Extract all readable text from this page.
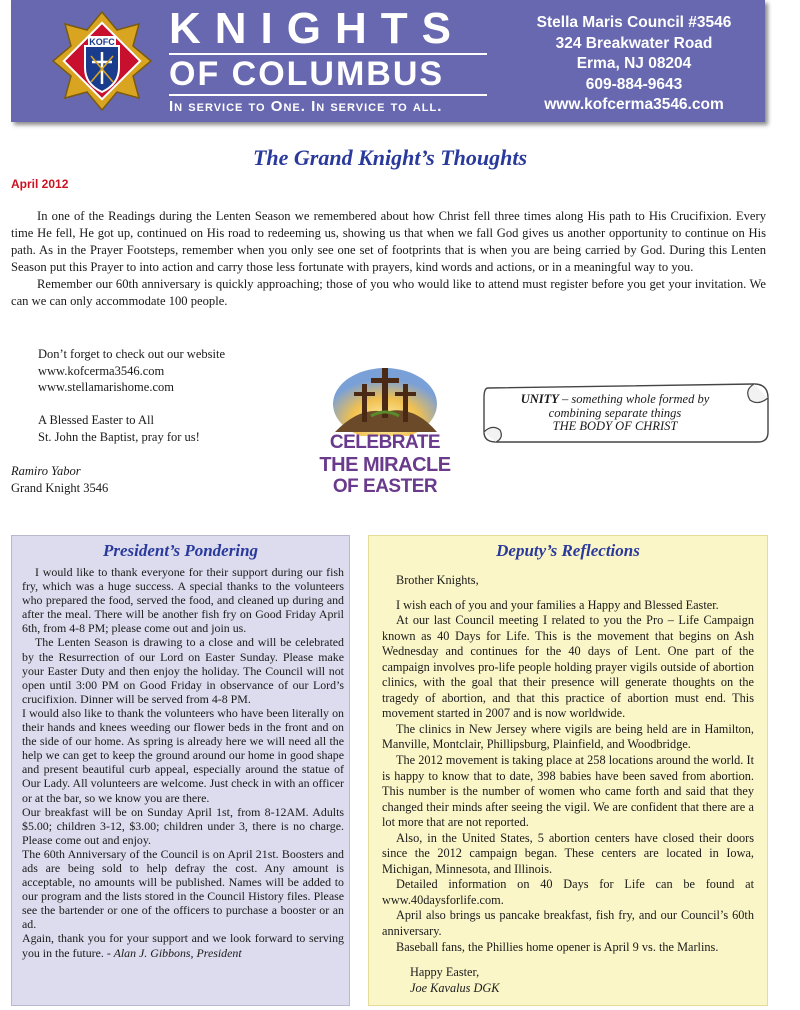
KOFC KNIGHTS
OF COLUMBUS
In service to One. In service to all.
Stella Maris Council #3546
324 Breakwater Road
Erma, NJ 08204
609-884-9643
www.kofcerma3546.com
The Grand Knight’s Thoughts
April 2012

In one of the Readings during the Lenten Season we remembered about how Christ fell three times along His path to His Crucifixion. Every time He fell, He got up, continued on His road to redeeming us, showing us that when we fall God gives us another opportunity to continue on His path. As in the Prayer Footsteps, remember when you only see one set of footprints that is when you are being carried by God. During this Lenten Season put this Prayer to into action and carry those less fortunate with prayers, kind words and actions, or in a meaningful way to you.

Remember our 60th anniversary is quickly approaching; those of you who would like to attend must register before you get your invitation. We can we can only accommodate 100 people.

Don’t forget to check out our website
www.kofcerma3546.com
www.stellamarishome.com

A Blessed Easter to All
St. John the Baptist, pray for us!
Ramiro Yabor
Grand Knight 3546
CELEBRATE
THE MIRACLE
OF EASTER
UNITY – something whole formed by combining separate things
THE BODY OF CHRIST
President’s Pondering

I would like to thank everyone for their support during our fish fry, which was a huge success. A special thanks to the volunteers who prepared the food, served the food, and cleaned up during and after the meal. There will be another fish fry on Good Friday April 6th, from 4-8 PM; please come out and join us.

The Lenten Season is drawing to a close and will be celebrated by the Resurrection of our Lord on Easter Sunday. Please make your Easter Duty and then enjoy the holiday. The Council will not open until 3:00 PM on Good Friday in observance of our Lord’s crucifixion. Dinner will be served from 4-8 PM.

I would also like to thank the volunteers who have been literally on their hands and knees weeding our flower beds in the front and on the side of our home. As spring is already here we will need all the help we can get to keep the ground around our home in good shape and present beautiful curb appeal, especially around the statue of Our Lady. All volunteers are welcome. Just check in with an officer or at the bar, so we know you are there.

Our breakfast will be on Sunday April 1st, from 8-12AM. Adults $5.00; children 3-12, $3.00; children under 3, there is no charge. Please come out and enjoy.

The 60th Anniversary of the Council is on April 21st. Boosters and ads are being sold to help defray the cost. Any amount is acceptable, no amounts will be published. Names will be added to our program and the lists stored in the Council History files. Please see the bartender or one of the officers to purchase a booster or an ad.

Again, thank you for your support and we look forward to serving you in the future. - Alan J. Gibbons, President

Deputy’s Reflections

Brother Knights,

I wish each of you and your families a Happy and Blessed Easter.

At our last Council meeting I related to you the Pro – Life Campaign known as 40 Days for Life. This is the movement that begins on Ash Wednesday and continues for the 40 days of Lent. One part of the campaign involves pro-life people holding prayer vigils outside of abortion clinics, with the goal that their presence will generate thoughts on the tragedy of abortion, and that this practice of abortion must end. This movement started in 2007 and is now worldwide.

The clinics in New Jersey where vigils are being held are in Hamilton, Manville, Montclair, Phillipsburg, Plainfield, and Woodbridge.

The 2012 movement is taking place at 258 locations around the world. It is happy to know that to date, 398 babies have been saved from abortion. This number is the number of women who came forth and said that they changed their minds after seeing the vigil. We are confident that there are a lot more that are not reported.

Also, in the United States, 5 abortion centers have closed their doors since the 2012 campaign began. These centers are located in Iowa, Michigan, Minnesota, and Illinois.

Detailed information on 40 Days for Life can be found at www.40daysforlife.com.

April also brings us pancake breakfast, fish fry, and our Council’s 60th anniversary.

Baseball fans, the Phillies home opener is April 9 vs. the Marlins.

Happy Easter,
Joe Kavalus DGK
